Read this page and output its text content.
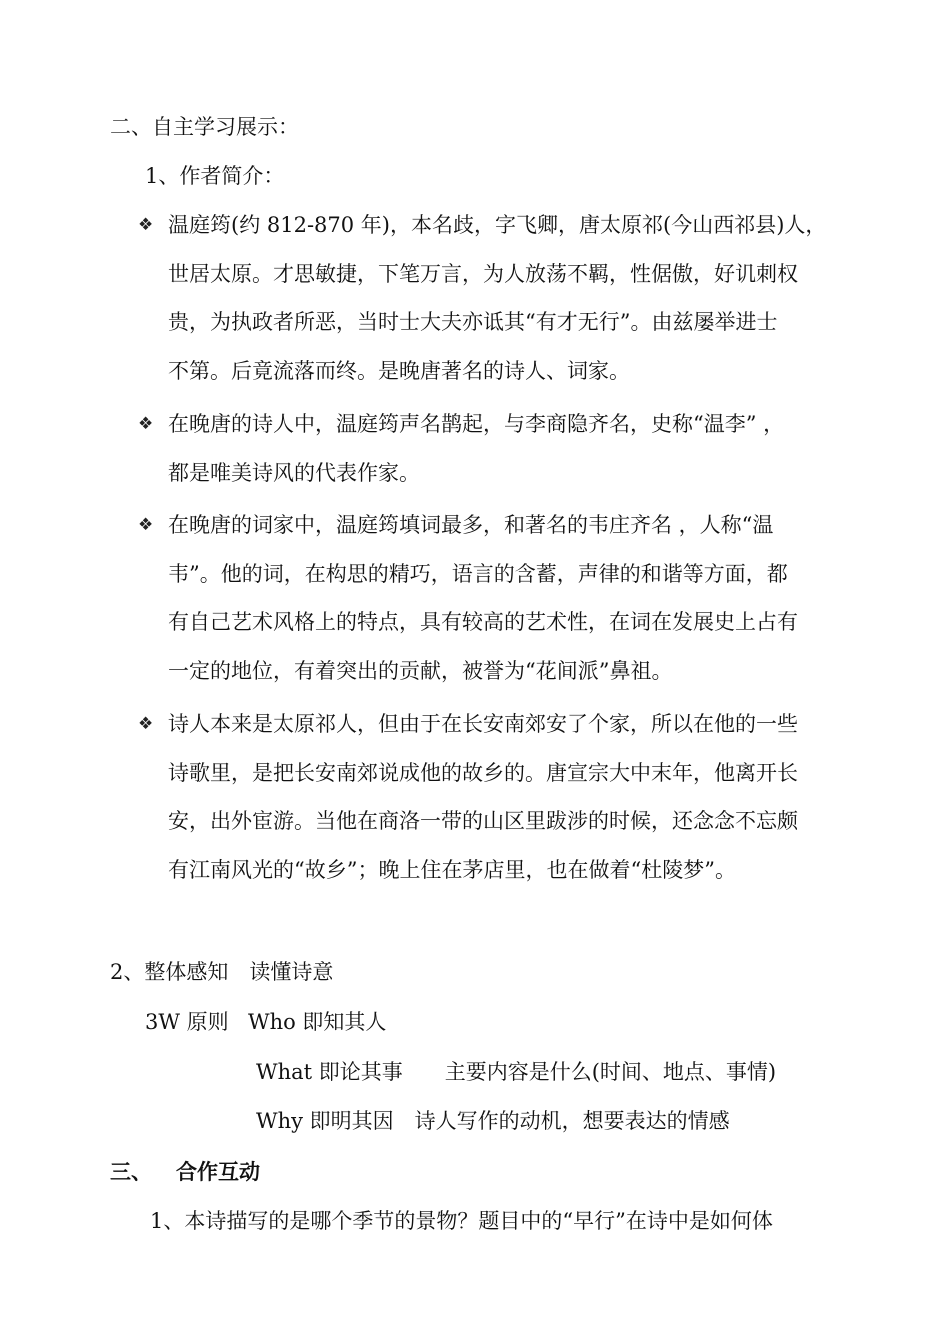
二、自主学习展示：
1、作者简介：
❖ 温庭筠(约 812-870 年)，本名歧，字飞卿，唐太原祁(今山西祁县)人，
世居太原。才思敏捷，下笔万言，为人放荡不羁，性倨傲，好讥刺权
贵，为执政者所恶，当时士大夫亦诋其“有才无行”。由兹屡举进士
不第。后竟流落而终。是晚唐著名的诗人、词家。
❖ 在晚唐的诗人中，温庭筠声名鹊起，与李商隐齐名，史称“温李” ，
都是唯美诗风的代表作家。
❖ 在晚唐的词家中，温庭筠填词最多，和著名的韦庄齐名 ，人称“温
韦”。他的词，在构思的精巧，语言的含蓄，声律的和谐等方面，都
有自己艺术风格上的特点，具有较高的艺术性，在词在发展史上占有
一定的地位，有着突出的贡献，被誉为“花间派”鼻祖。
❖ 诗人本来是太原祁人，但由于在长安南郊安了个家，所以在他的一些
诗歌里，是把长安南郊说成他的故乡的。唐宣宗大中末年，他离开长
安，出外宦游。当他在商洛一带的山区里跋涉的时候，还念念不忘颇
有江南风光的“故乡”；晚上住在茅店里，也在做着“杜陵梦”。
2、整体感知　读懂诗意
3W 原则 Who 即知其人
What 即论其事　　主要内容是什么(时间、地点、事情)
Why 即明其因　诗人写作的动机，想要表达的情感
三、 合作互动
1、本诗描写的是哪个季节的景物？题目中的“早行”在诗中是如何体
